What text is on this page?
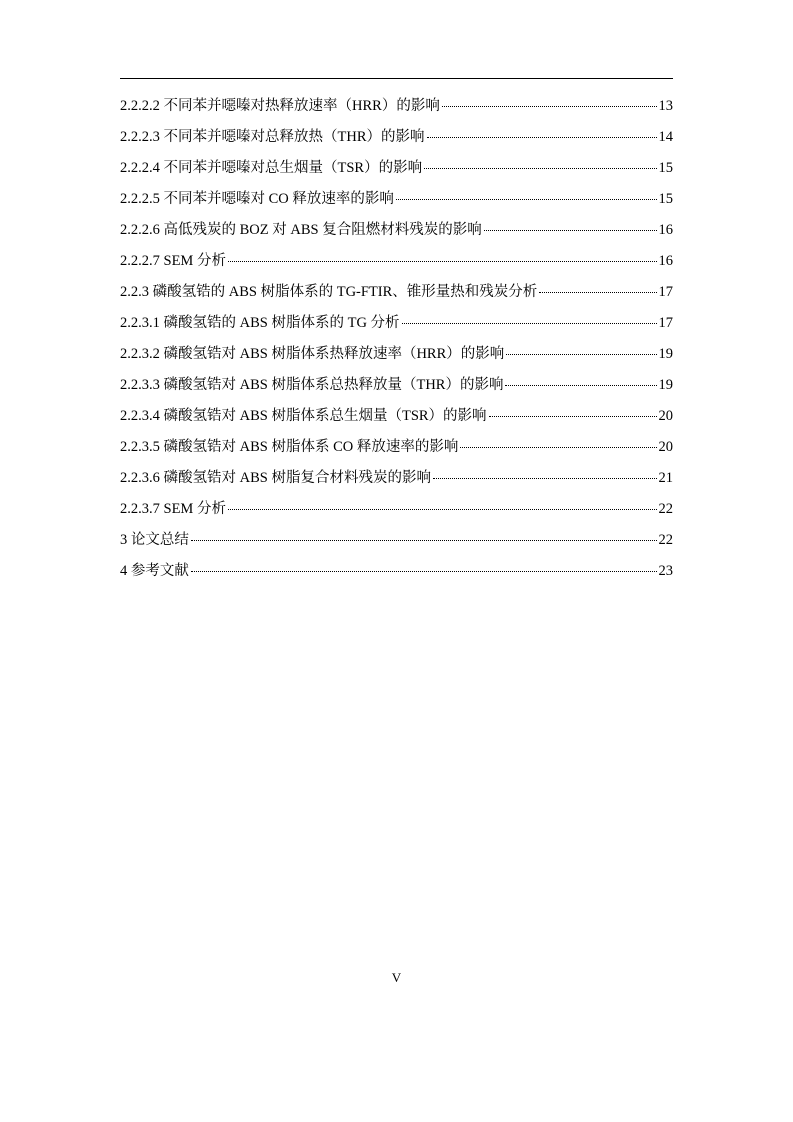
2.2.2.2 不同苯并噁嗪对热释放速率（HRR）的影响	13
2.2.2.3 不同苯并噁嗪对总释放热（THR）的影响	14
2.2.2.4 不同苯并噁嗪对总生烟量（TSR）的影响	15
2.2.2.5 不同苯并噁嗪对 CO 释放速率的影响	15
2.2.2.6 高低残炭的 BOZ 对 ABS 复合阻燃材料残炭的影响	16
2.2.2.7 SEM 分析	16
2.2.3 磷酸氢锆的 ABS 树脂体系的 TG-FTIR、锥形量热和残炭分析	17
2.2.3.1 磷酸氢锆的 ABS 树脂体系的 TG 分析	17
2.2.3.2 磷酸氢锆对 ABS 树脂体系热释放速率（HRR）的影响	19
2.2.3.3 磷酸氢锆对 ABS 树脂体系总热释放量（THR）的影响	19
2.2.3.4 磷酸氢锆对 ABS 树脂体系总生烟量（TSR）的影响	20
2.2.3.5 磷酸氢锆对 ABS 树脂体系 CO 释放速率的影响	20
2.2.3.6 磷酸氢锆对 ABS 树脂复合材料残炭的影响	21
2.2.3.7 SEM 分析	22
3 论文总结	22
4 参考文献	23
V
